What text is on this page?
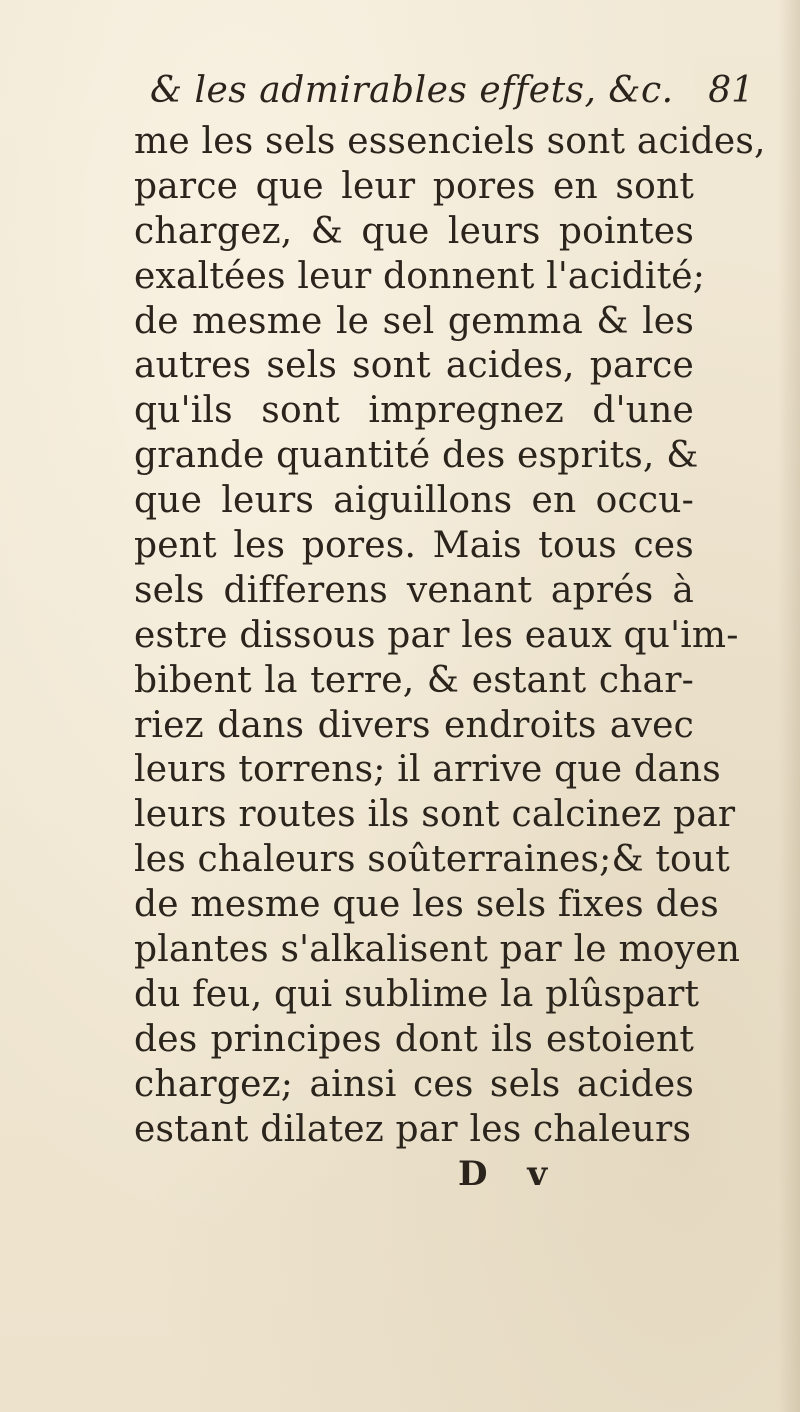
& les admirables effets, &c. 81
me les sels essenciels sont acides,
parce que leur pores en sont
chargez, & que leurs pointes
exaltées leur donnent l'acidité;
de mesme le sel gemma & les
autres sels sont acides, parce
qu'ils sont impregnez d'une
grande quantité des esprits, &
que leurs aiguillons en occu-
pent les pores. Mais tous ces
sels differens venant aprés à
estre dissous par les eaux qu'im-
bibent la terre, & estant char-
riez dans divers endroits avec
leurs torrens; il arrive que dans
leurs routes ils sont calcinez par
les chaleurs soûterraines;& tout
de mesme que les sels fixes des
plantes s'alkalisent par le moyen
du feu, qui sublime la plûspart
des principes dont ils estoient
chargez; ainsi ces sels acides
estant dilatez par les chaleurs
D v
